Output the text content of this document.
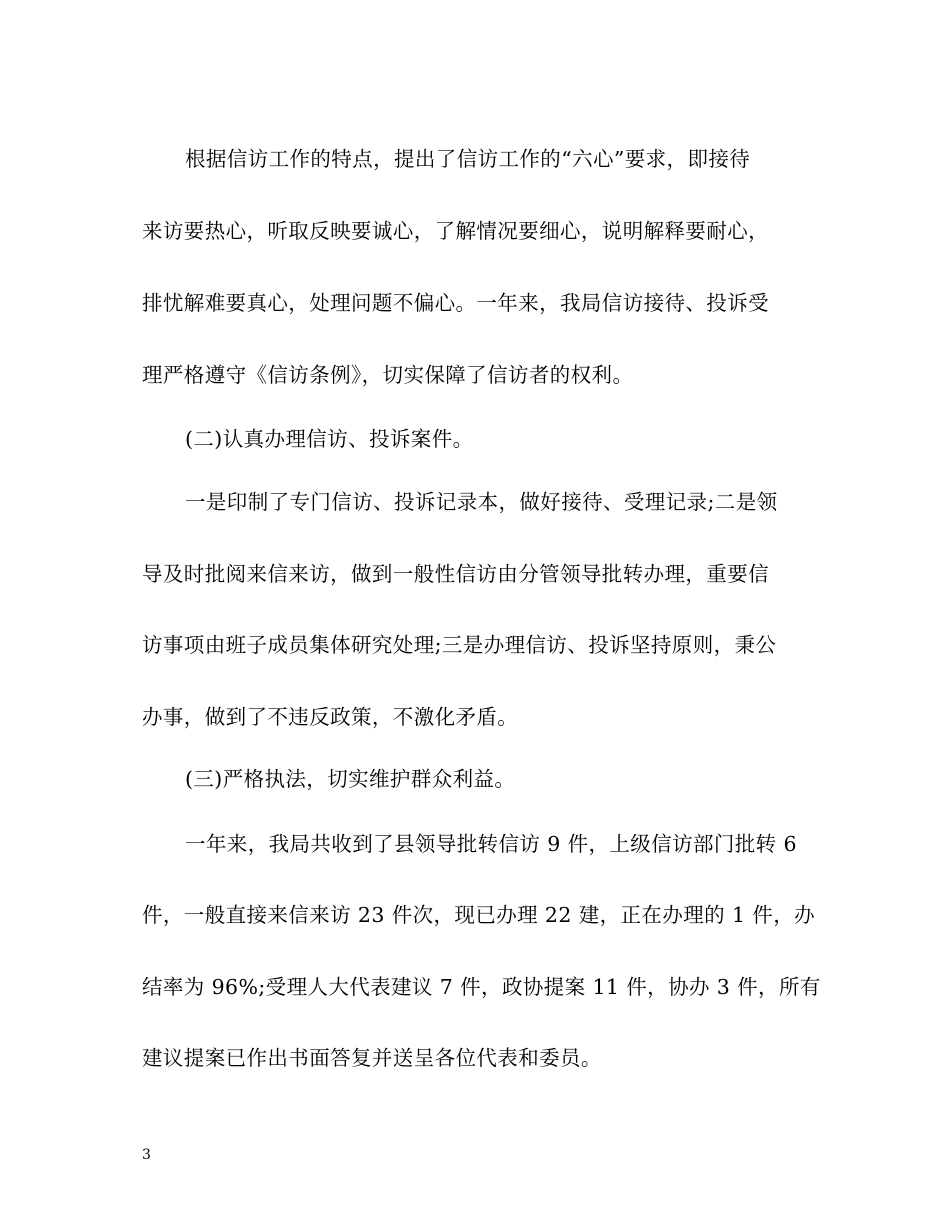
根据信访工作的特点，提出了信访工作的“六心”要求，即接待
来访要热心，听取反映要诚心，了解情况要细心，说明解释要耐心，
排忧解难要真心，处理问题不偏心。一年来，我局信访接待、投诉受
理严格遵守《信访条例》，切实保障了信访者的权利。
(二)认真办理信访、投诉案件。
一是印制了专门信访、投诉记录本，做好接待、受理记录;二是领
导及时批阅来信来访，做到一般性信访由分管领导批转办理，重要信
访事项由班子成员集体研究处理;三是办理信访、投诉坚持原则，秉公
办事，做到了不违反政策，不激化矛盾。
(三)严格执法，切实维护群众利益。
一年来，我局共收到了县领导批转信访 9 件，上级信访部门批转 6
件，一般直接来信来访 23 件次，现已办理 22 建，正在办理的 1 件，办
结率为 96%;受理人大代表建议 7 件，政协提案 11 件，协办 3 件，所有
建议提案已作出书面答复并送呈各位代表和委员。
3
